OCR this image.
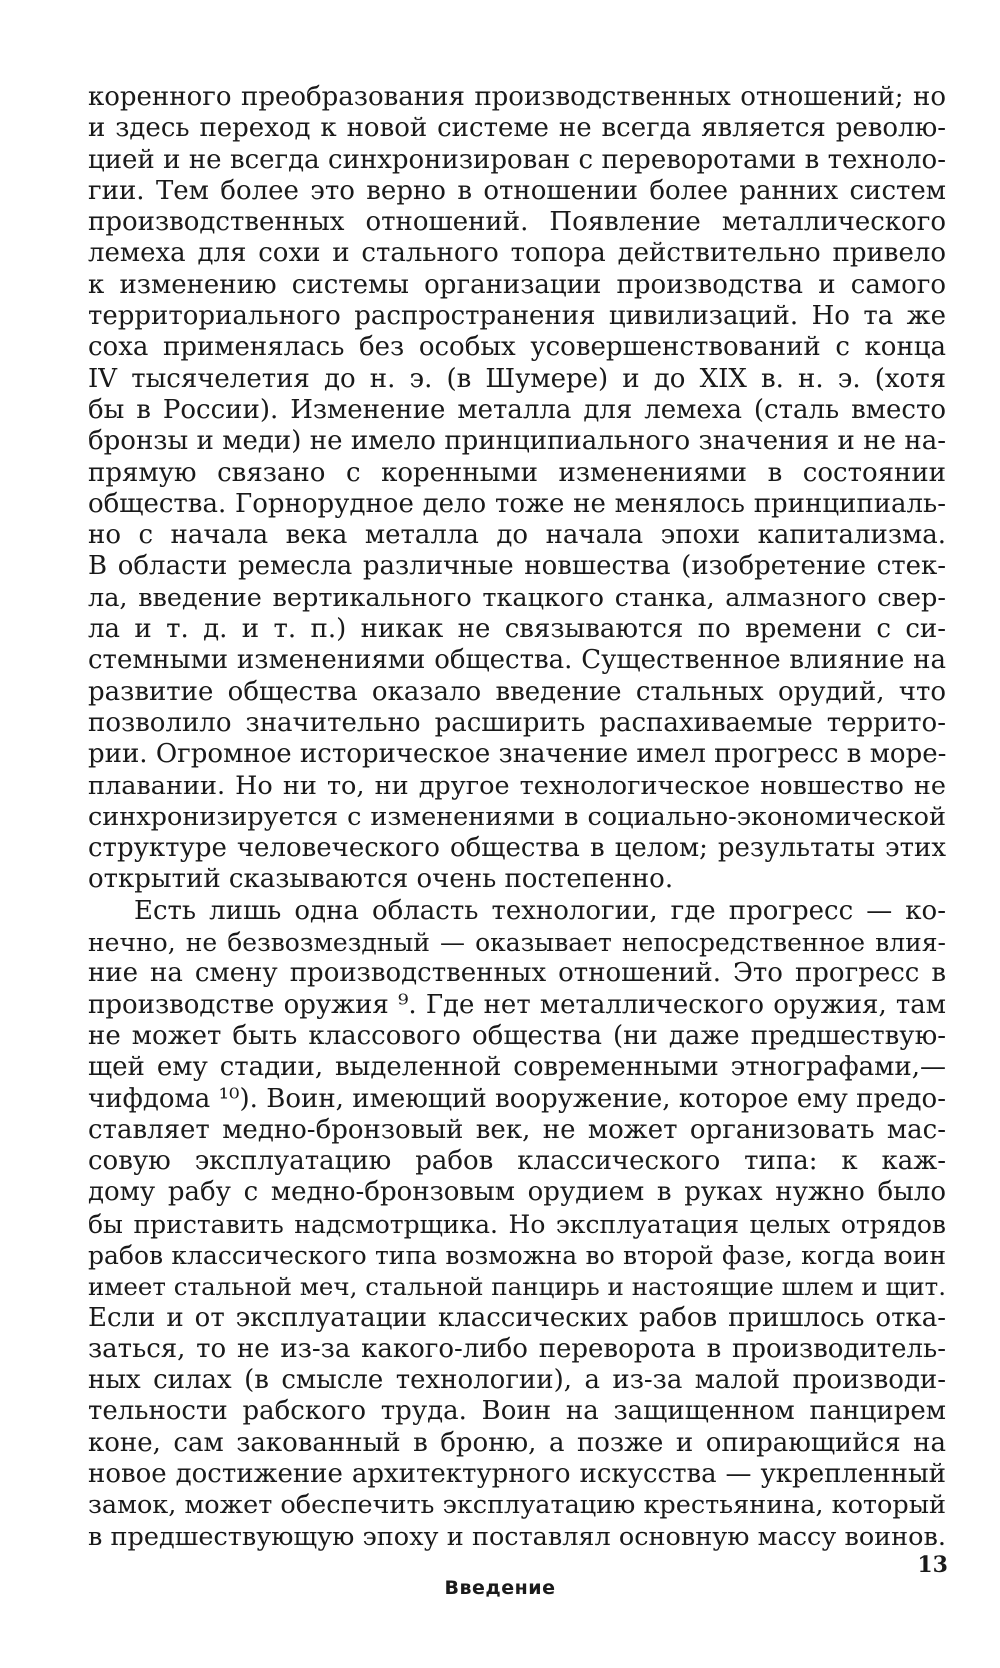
коренного преобразования производственных отношений; но
и здесь переход к новой системе не всегда является револю-
цией и не всегда синхронизирован с переворотами в техноло-
гии. Тем более это верно в отношении более ранних систем
производственных отношений. Появление металлического
лемеха для сохи и стального топора действительно привело
к изменению системы организации производства и самого
территориального распространения цивилизаций. Но та же
соха применялась без особых усовершенствований с конца
IV тысячелетия до н. э. (в Шумере) и до XIX в. н. э. (хотя
бы в России). Изменение металла для лемеха (сталь вместо
бронзы и меди) не имело принципиального значения и не на-
прямую связано с коренными изменениями в состоянии
общества. Горнорудное дело тоже не менялось принципиаль-
но с начала века металла до начала эпохи капитализма.
В области ремесла различные новшества (изобретение стек-
ла, введение вертикального ткацкого станка, алмазного свер-
ла и т. д. и т. п.) никак не связываются по времени с си-
стемными изменениями общества. Существенное влияние на
развитие общества оказало введение стальных орудий, что
позволило значительно расширить распахиваемые террито-
рии. Огромное историческое значение имел прогресс в море-
плавании. Но ни то, ни другое технологическое новшество не
синхронизируется с изменениями в социально-экономической
структуре человеческого общества в целом; результаты этих
открытий сказываются очень постепенно.
Есть лишь одна область технологии, где прогресс — ко-
нечно, не безвозмездный — оказывает непосредственное влия-
ние на смену производственных отношений. Это прогресс в
производстве оружия ⁹. Где нет металлического оружия, там
не может быть классового общества (ни даже предшествую-
щей ему стадии, выделенной современными этнографами,—
чифдома ¹⁰). Воин, имеющий вооружение, которое ему предо-
ставляет медно-бронзовый век, не может организовать мас-
совую эксплуатацию рабов классического типа: к каж-
дому рабу с медно-бронзовым орудием в руках нужно было
бы приставить надсмотрщика. Но эксплуатация целых отрядов
рабов классического типа возможна во второй фазе, когда воин
имеет стальной меч, стальной панцирь и настоящие шлем и щит.
Если и от эксплуатации классических рабов пришлось отка-
заться, то не из-за какого-либо переворота в производитель-
ных силах (в смысле технологии), а из-за малой производи-
тельности рабского труда. Воин на защищенном панцирем
коне, сам закованный в броню, а позже и опирающийся на
новое достижение архитектурного искусства — укрепленный
замок, может обеспечить эксплуатацию крестьянина, который
в предшествующую эпоху и поставлял основную массу воинов.
Введение
13
